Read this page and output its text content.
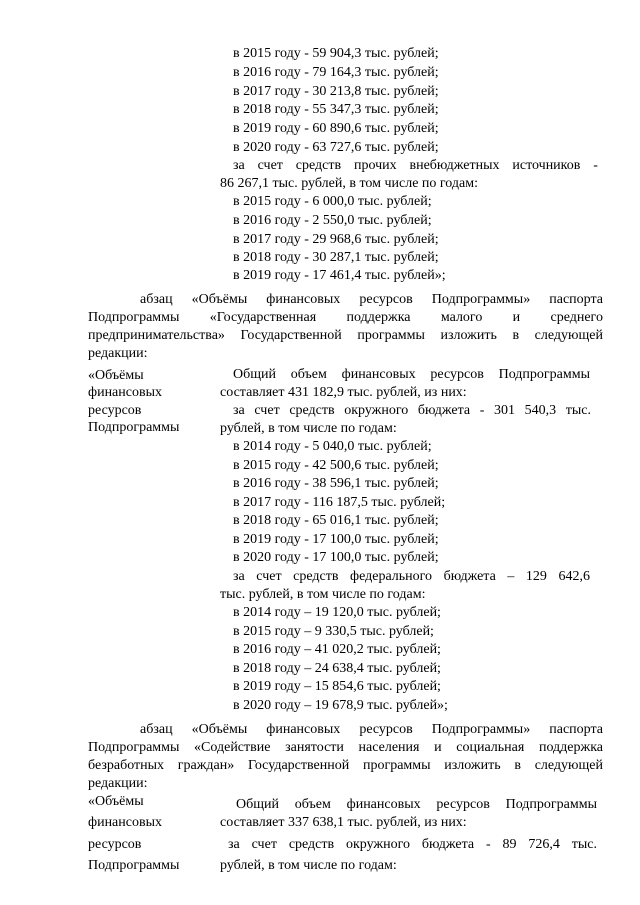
в 2015 году - 59 904,3 тыс. рублей;
в 2016 году - 79 164,3 тыс. рублей;
в 2017 году - 30 213,8 тыс. рублей;
в 2018 году - 55 347,3 тыс. рублей;
в 2019 году - 60 890,6 тыс. рублей;
в 2020 году - 63 727,6 тыс. рублей;
за счет средств прочих внебюджетных источников -
86 267,1 тыс. рублей, в том числе по годам:
в 2015 году - 6 000,0 тыс. рублей;
в 2016 году - 2 550,0 тыс. рублей;
в 2017 году - 29 968,6 тыс. рублей;
в 2018 году - 30 287,1 тыс. рублей;
в 2019 году - 17 461,4 тыс. рублей»;
абзац «Объёмы финансовых ресурсов Подпрограммы» паспорта
Подпрограммы «Государственная поддержка малого и среднего
предпринимательства» Государственной программы изложить в следующей
редакции:
«Объёмы
финансовых
ресурсов
Подпрограммы
Общий объем финансовых ресурсов Подпрограммы
составляет 431 182,9 тыс. рублей, из них:
за счет средств окружного бюджета - 301 540,3 тыс.
рублей, в том числе по годам:
в 2014 году - 5 040,0 тыс. рублей;
в 2015 году - 42 500,6 тыс. рублей;
в 2016 году - 38 596,1 тыс. рублей;
в 2017 году - 116 187,5 тыс. рублей;
в 2018 году - 65 016,1 тыс. рублей;
в 2019 году - 17 100,0 тыс. рублей;
в 2020 году - 17 100,0 тыс. рублей;
за счет средств федерального бюджета – 129 642,6
тыс. рублей, в том числе по годам:
в 2014 году – 19 120,0 тыс. рублей;
в 2015 году – 9 330,5 тыс. рублей;
в 2016 году – 41 020,2 тыс. рублей;
в 2018 году – 24 638,4 тыс. рублей;
в 2019 году – 15 854,6 тыс. рублей;
в 2020 году – 19 678,9 тыс. рублей»;
абзац «Объёмы финансовых ресурсов Подпрограммы» паспорта
Подпрограммы «Содействие занятости населения и социальная поддержка
безработных граждан» Государственной программы изложить в следующей
редакции:
«Объёмы
финансовых
ресурсов
Подпрограммы
Общий объем финансовых ресурсов Подпрограммы
составляет 337 638,1 тыс. рублей, из них:
за счет средств окружного бюджета - 89 726,4 тыс.
рублей, в том числе по годам:
